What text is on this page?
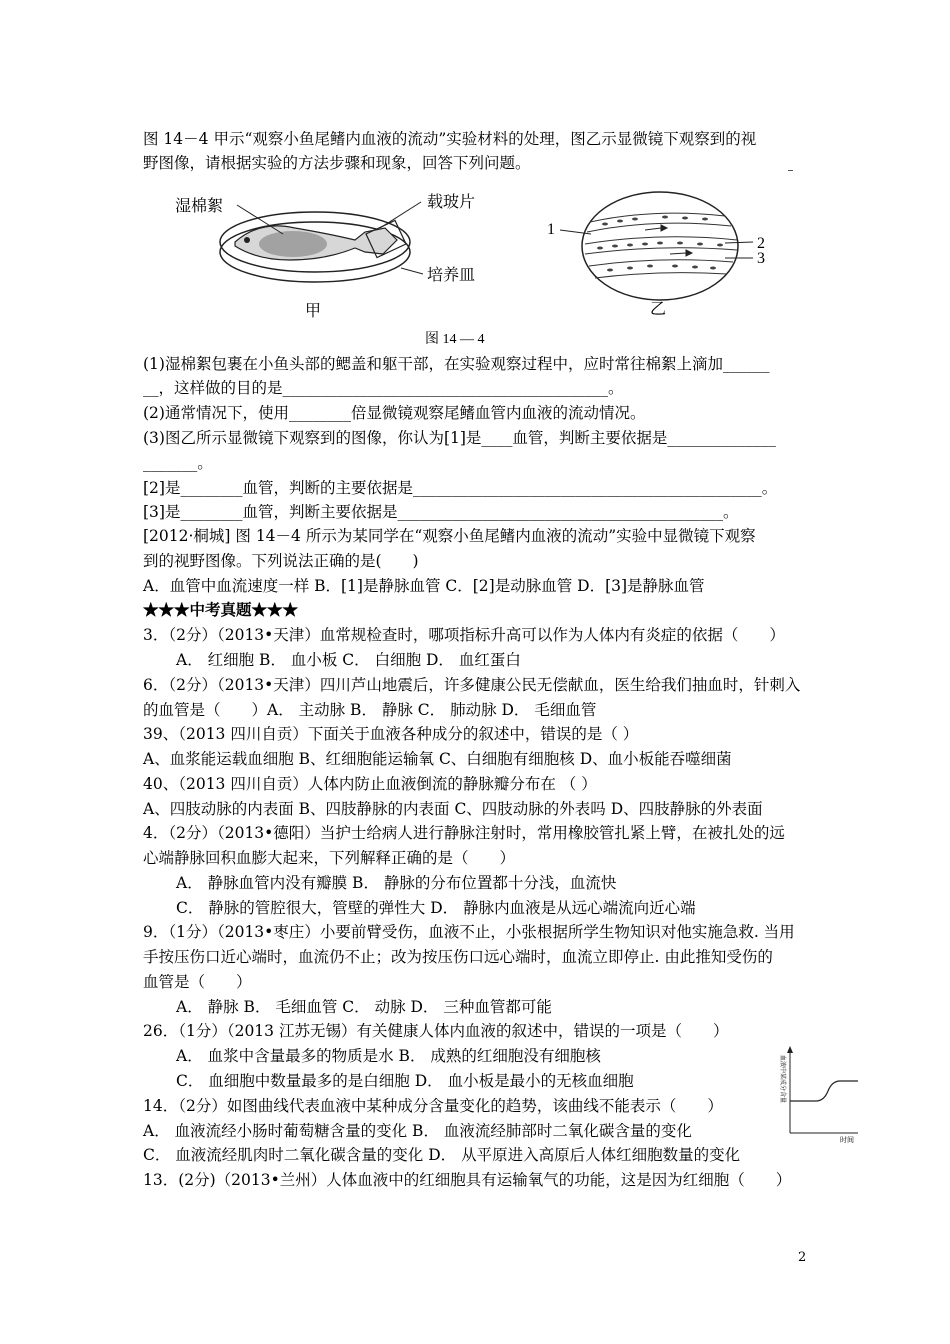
图 14－4 甲示“观察小鱼尾鳍内血液的流动”实验材料的处理，图乙示显微镜下观察到的视
野图像，请根据实验的方法步骤和现象，回答下列问题。
湿棉絮	载玻片
培养皿
甲
1
2
3
乙
图 14 — 4
(1)湿棉絮包裹在小鱼头部的鳃盖和躯干部，在实验观察过程中，应时常往棉絮上滴加______
__，这样做的目的是__________________________________________。
(2)通常情况下，使用________倍显微镜观察尾鳍血管内血液的流动情况。
(3)图乙所示显微镜下观察到的图像，你认为[1]是____血管，判断主要依据是______________
_______。
[2]是________血管，判断的主要依据是_____________________________________________。
[3]是________血管，判断主要依据是__________________________________________。
[2012·桐城] 图 14－4 所示为某同学在“观察小鱼尾鳍内血液的流动”实验中显微镜下观察
到的视野图像。下列说法正确的是(　　)
A．血管中血流速度一样 B．[1]是静脉血管 C．[2]是动脉血管 D．[3]是静脉血管
★★★中考真题★★★
3．（2分）（2013•天津）血常规检查时，哪项指标升高可以作为人体内有炎症的依据（　　）
A． 红细胞 B． 血小板 C． 白细胞 D． 血红蛋白
6．（2分）（2013•天津）四川芦山地震后，许多健康公民无偿献血，医生给我们抽血时，针刺入
的血管是（　　）A． 主动脉 B． 静脉 C． 肺动脉 D． 毛细血管
39、（2013 四川自贡）下面关于血液各种成分的叙述中，错误的是（ ）
A、血浆能运载血细胞 B、红细胞能运输氧 C、白细胞有细胞核 D、血小板能吞噬细菌
40、（2013 四川自贡）人体内防止血液倒流的静脉瓣分布在 （ ）
A、四肢动脉的内表面 B、四肢静脉的内表面 C、四肢动脉的外表吗 D、四肢静脉的外表面
4．（2分）（2013•德阳）当护士给病人进行静脉注射时，常用橡胶管扎紧上臂，在被扎处的远
心端静脉回积血膨大起来，下列解释正确的是（　　）
A． 静脉血管内没有瓣膜 B． 静脉的分布位置都十分浅，血流快
C． 静脉的管腔很大，管壁的弹性大 D． 静脉内血液是从远心端流向近心端
9．（1分）（2013•枣庄）小要前臂受伤，血液不止，小张根据所学生物知识对他实施急救. 当用
手按压伤口近心端时，血流仍不止；改为按压伤口远心端时，血流立即停止. 由此推知受伤的
血管是（　　）
A． 静脉 B． 毛细血管 C． 动脉 D． 三种血管都可能
26．（1分）（2013 江苏无锡）有关健康人体内血液的叙述中，错误的一项是（　　）
A． 血浆中含量最多的物质是水 B． 成熟的红细胞没有细胞核
C． 血细胞中数量最多的是白细胞 D． 血小板是最小的无核血细胞
14．（2分）如图曲线代表血液中某种成分含量变化的趋势，该曲线不能表示（　　）
A． 血液流经小肠时葡萄糖含量的变化 B． 血液流经肺部时二氧化碳含量的变化
C． 血液流经肌肉时二氧化碳含量的变化 D． 从平原进入高原后人体红细胞数量的变化
13．(2分)（2013•兰州）人体血液中的红细胞具有运输氧气的功能，这是因为红细胞（　　）
血液中某成分含量
时间
2
